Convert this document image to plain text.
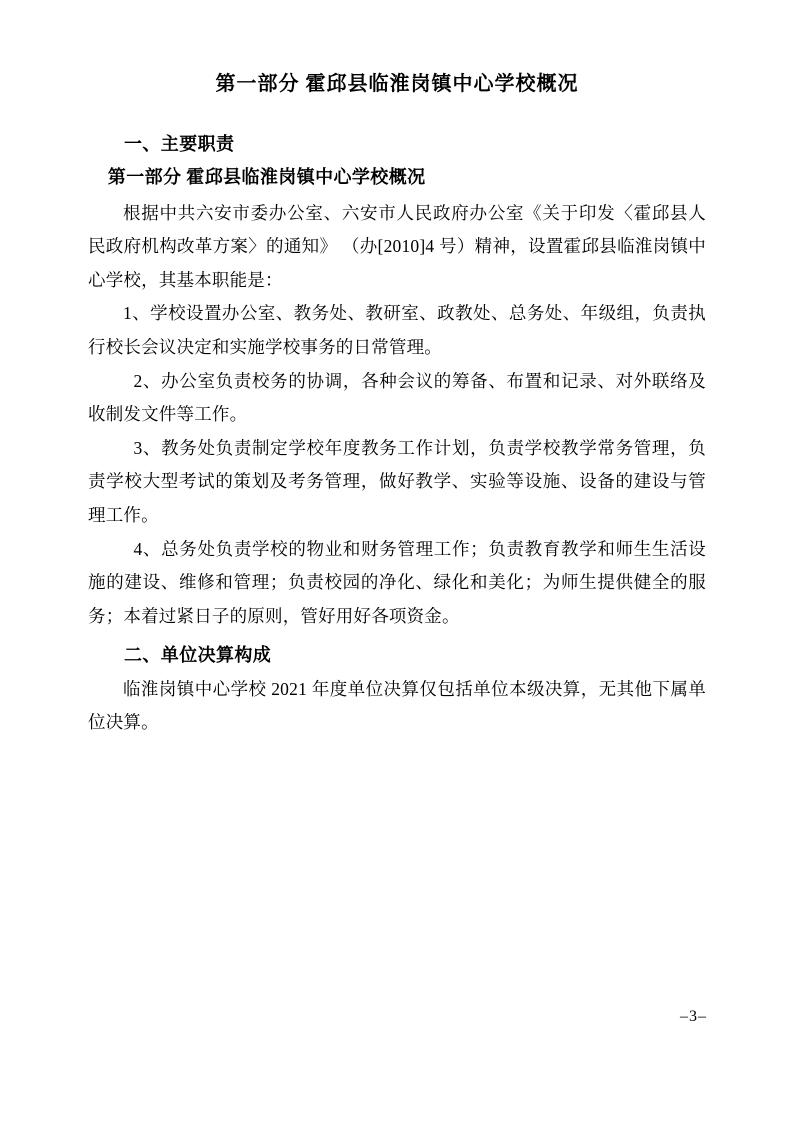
第一部分 霍邱县临淮岗镇中心学校概况
一、主要职责
第一部分 霍邱县临淮岗镇中心学校概况

根据中共六安市委办公室、六安市人民政府办公室《关于印发〈霍邱县人民政府机构改革方案〉的通知》 （办[2010]4 号）精神，设置霍邱县临淮岗镇中心学校，其基本职能是：

1、学校设置办公室、教务处、教研室、政教处、总务处、年级组，负责执行校长会议决定和实施学校事务的日常管理。

2、办公室负责校务的协调，各种会议的筹备、布置和记录、对外联络及收制发文件等工作。

3、教务处负责制定学校年度教务工作计划，负责学校教学常务管理，负责学校大型考试的策划及考务管理，做好教学、实验等设施、设备的建设与管理工作。

4、总务处负责学校的物业和财务管理工作；负责教育教学和师生生活设施的建设、维修和管理；负责校园的净化、绿化和美化；为师生提供健全的服务；本着过紧日子的原则，管好用好各项资金。

二、单位决算构成

临淮岗镇中心学校 2021 年度单位决算仅包括单位本级决算，无其他下属单位决算。

–3–
